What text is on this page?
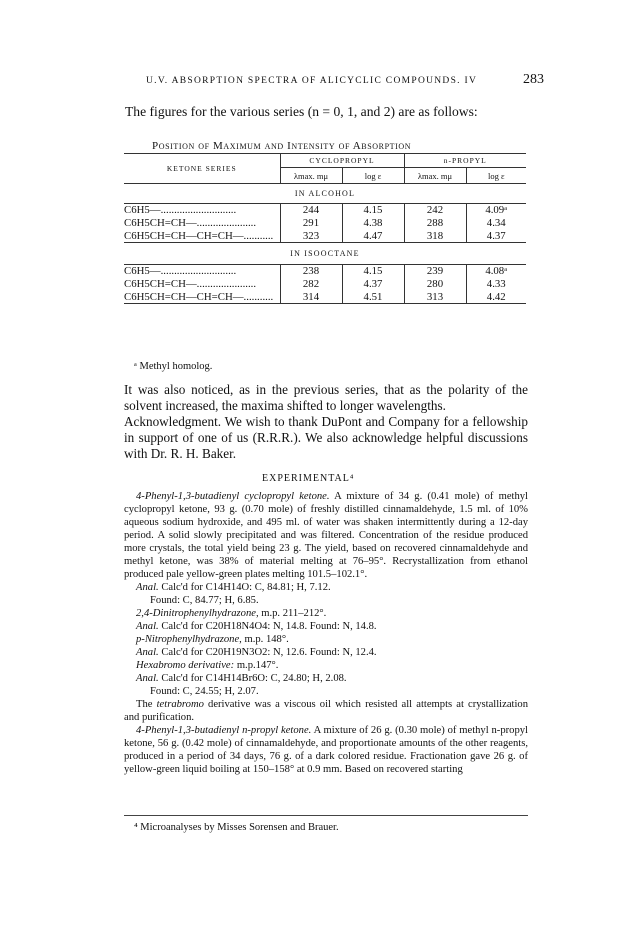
U.V. ABSORPTION SPECTRA OF ALICYCLIC COMPOUNDS. IV	283
The figures for the various series (n = 0, 1, and 2) are as follows:
Position of Maximum and Intensity of Absorption
KETONE SERIES	CYCLOPROPYL		n-PROPYL	
	λmax. mμ	log ε	λmax. mμ	log ε
IN ALCOHOL				
C6H5—............................	244	4.15	242	4.09ᵃ
C6H5CH=CH—......................	291	4.38	288	4.34
C6H5CH=CH—CH=CH—...........	323	4.47	318	4.37
IN ISOOCTANE				
C6H5—............................	238	4.15	239	4.08ᵃ
C6H5CH=CH—......................	282	4.37	280	4.33
C6H5CH=CH—CH=CH—...........	314	4.51	313	4.42
ᵃ Methyl homolog.
It was also noticed, as in the previous series, that as the polarity of the solvent increased, the maxima shifted to longer wavelengths.
Acknowledgment. We wish to thank DuPont and Company for a fellowship in support of one of us (R.R.R.). We also acknowledge helpful discussions with Dr. R. H. Baker.
EXPERIMENTAL⁴

4-Phenyl-1,3-butadienyl cyclopropyl ketone. A mixture of 34 g. (0.41 mole) of methyl cyclopropyl ketone, 93 g. (0.70 mole) of freshly distilled cinnamaldehyde, 1.5 ml. of 10% aqueous sodium hydroxide, and 495 ml. of water was shaken intermittently during a 12-day period. A solid slowly precipitated and was filtered. Concentration of the residue produced more crystals, the total yield being 23 g. The yield, based on recovered cinnamaldehyde and methyl ketone, was 38% of material melting at 76–95°. Recrystallization from ethanol produced pale yellow-green plates melting 101.5–102.1°.

Anal. Calc'd for C14H14O: C, 84.81; H, 7.12.

Found: C, 84.77; H, 6.85.

2,4-Dinitrophenylhydrazone, m.p. 211–212°.

Anal. Calc'd for C20H18N4O4: N, 14.8. Found: N, 14.8.

p-Nitrophenylhydrazone, m.p. 148°.

Anal. Calc'd for C20H19N3O2: N, 12.6. Found: N, 12.4.

Hexabromo derivative: m.p.147°.

Anal. Calc'd for C14H14Br6O: C, 24.80; H, 2.08.

Found: C, 24.55; H, 2.07.

The tetrabromo derivative was a viscous oil which resisted all attempts at crystallization and purification.

4-Phenyl-1,3-butadienyl n-propyl ketone. A mixture of 26 g. (0.30 mole) of methyl n-propyl ketone, 56 g. (0.42 mole) of cinnamaldehyde, and proportionate amounts of the other reagents, produced in a period of 34 days, 76 g. of a dark colored residue. Fractionation gave 26 g. of yellow-green liquid boiling at 150–158° at 0.9 mm. Based on recovered starting

⁴ Microanalyses by Misses Sorensen and Brauer.
